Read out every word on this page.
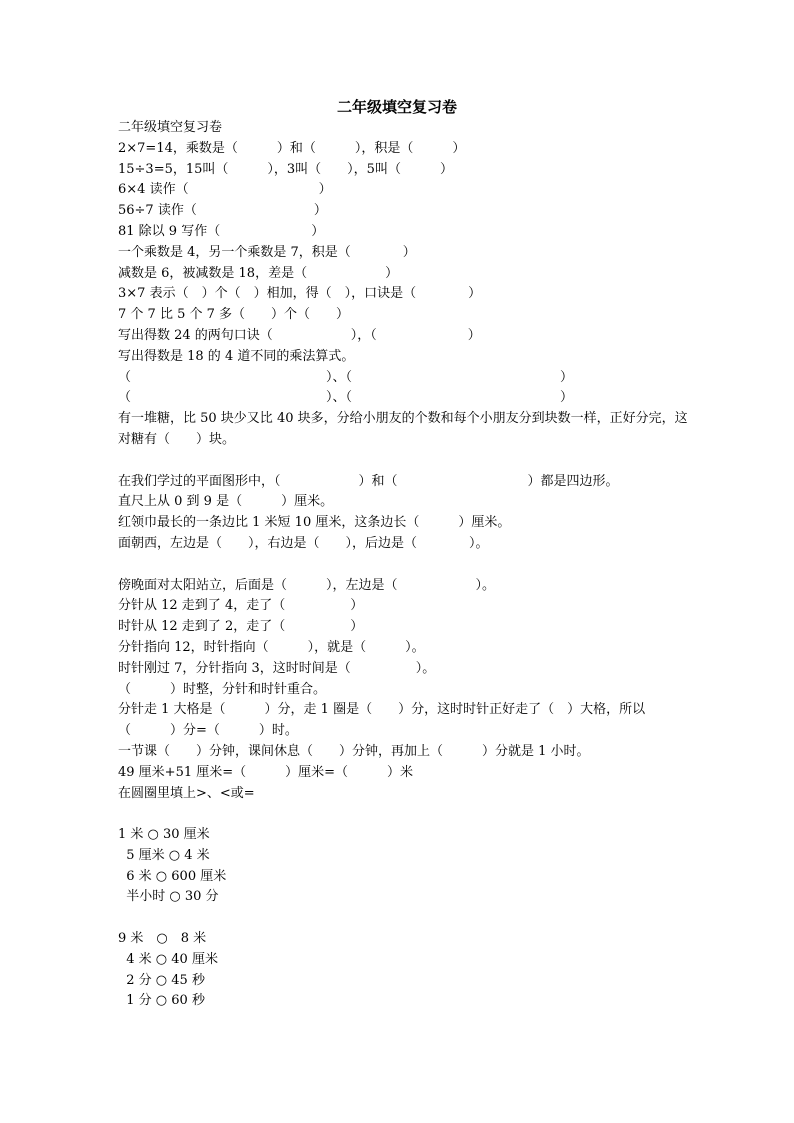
二年级填空复习卷
二年级填空复习卷
2×7=14，乘数是（　　　）和（　　　），积是（　　　）
15÷3=5，15叫（　　　），3叫（　　），5叫（　　　）
6×4 读作（　　　　　　　　　　）
56÷7 读作（　　　　　　　　　）
81 除以 9 写作（　　　　　　　）
一个乘数是 4，另一个乘数是 7，积是（　　　　）
减数是 6，被减数是 18，差是（　　　　　　）
3×7 表示（　）个（　）相加，得（　），口诀是（　　　　）
7 个 7 比 5 个 7 多（　　）个（　　）
写出得数 24 的两句口诀（　　　　　　），（　　　　　　　）
写出得数是 18 的 4 道不同的乘法算式。
（　　　　　　　　　　　　　　　）、（　　　　　　　　　　　　　　　　）
（　　　　　　　　　　　　　　　）、（　　　　　　　　　　　　　　　　）
有一堆糖，比 50 块少又比 40 块多，分给小朋友的个数和每个小朋友分到块数一样，正好分完，这对糖有（　　）块。
在我们学过的平面图形中，（　　　　　　）和（　　　　　　　　　　）都是四边形。
直尺上从 0 到 9 是（　　　）厘米。
红领巾最长的一条边比 1 米短 10 厘米，这条边长（　　　）厘米。
面朝西，左边是（　　），右边是（　　），后边是（　　　　）。
傍晚面对太阳站立，后面是（　　　），左边是（　　　　　　）。
分针从 12 走到了 4，走了（　　　　　）
时针从 12 走到了 2，走了（　　　　　）
分针指向 12，时针指向（　　　），就是（　　　）。
时针刚过 7，分针指向 3，这时时间是（　　　　　）。
（　　　）时整，分针和时针重合。
分针走 1 大格是（　　　）分，走 1 圈是（　　）分，这时时针正好走了（　）大格，所以（　　　）分=（　　　）时。
一节课（　　）分钟，课间休息（　　）分钟，再加上（　　　）分就是 1 小时。
49 厘米+51 厘米=（　　　）厘米=（　　　）米
在圆圈里填上>、<或=
1 米 ○ 30 厘米
5 厘米 ○ 4 米
6 米 ○ 600 厘米
半小时 ○ 30 分
9 米　○　8 米
4 米 ○ 40 厘米
2 分 ○ 45 秒
1 分 ○ 60 秒
